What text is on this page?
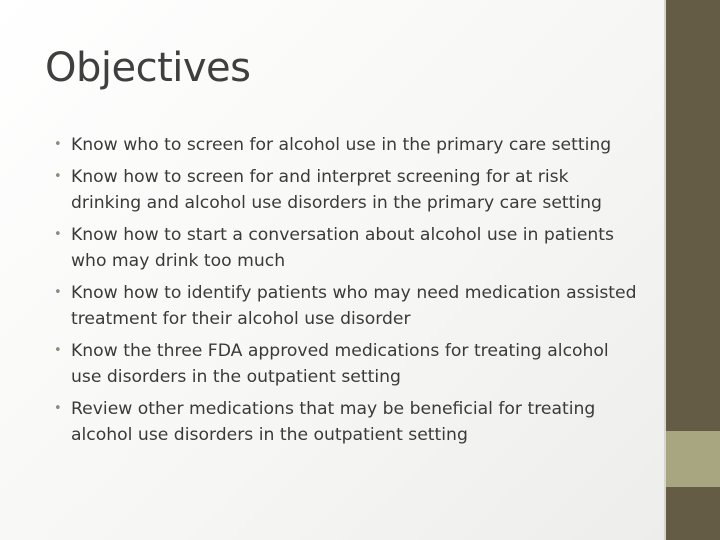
Objectives
• Know who to screen for alcohol use in the primary care setting
• Know how to screen for and interpret screening for at risk drinking and alcohol use disorders in the primary care setting
• Know how to start a conversation about alcohol use in patients who may drink too much
• Know how to identify patients who may need medication assisted treatment for their alcohol use disorder
• Know the three FDA approved medications for treating alcohol use disorders in the outpatient setting
• Review other medications that may be beneficial for treating alcohol use disorders in the outpatient setting
